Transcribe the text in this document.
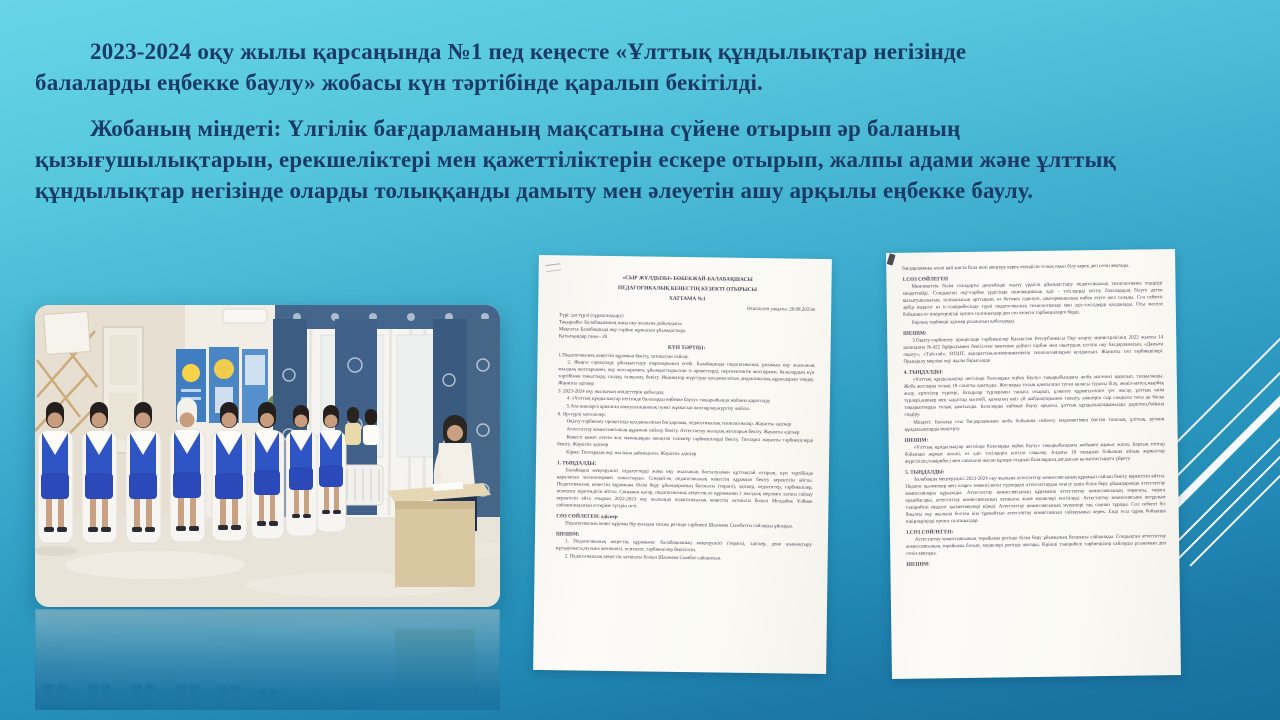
2023-2024 оқу жылы қарсаңында №1 пед кеңесте «Ұлттық құндылықтар негізінде балаларды еңбекке баулу» жобасы күн тәртібінде қаралып бекітілді.

Жобаның міндеті: Үлгілік бағдарламаның мақсатына сүйене отырып әр баланың қызығушылықтарын, ерекшеліктері мен қажеттіліктерін ескере отырып, жалпы адами және ұлттық құндылықтар негізінде оларды толыққанды дамыту мен әлеуетін ашу арқылы еңбекке баулу.

«СЫР ЖҰЛДЫЗЫ» БӨБЕКЖАЙ-БАЛАБАҚШАСЫ
ПЕДАГОГИКАЛЫҚ КЕҢЕСТІҢ КЕЗЕКТІ ОТЫРЫСЫ
ХАТТАМА №1
Өткізілген уақыты: 29.08.2023ж
Түрі: дәстүрлі (тұрақтандыру)
Тақырыбы: Балабақшаның жаңа оқу жылына дайындығы.
Мақсаты: Балабақшада оқу-тәрбие жұмысын ұйымдастыру.
Қатысқандар саны– 20
КҮН ТӘРТІБІ:
1.Педагогикалық кеңестін құрамын бекіту, хатшысын сайлау.
2. Жаңғы сауықтыру ұйымдастыру шараларының есебі. Балабақшада педагогикалық ұжымын оқу жылының жылдық жоспарымен, оқу жоспарымен, ұйымдастырылған іс-әрекеттерді, перспективтік жоспармен, балалардың күн тәртібімен таныстыру, талдау, талқылау, бекіту. Индикатор жүргізуде қолданылатын дидактикалық құралдарын таңдау. Жауапты әдіскер
3. 2023-2024 оқу жылының міндеттерін қабылдау.
4. «Ұлттық құндылықтар негізінде балаларды еңбекке баулу» тақырыбында жобаны қарастыру.
5.Ата-аналарға арналған консультациялық пункт жұмысын жоспарлау,жүргізу жайлы.
6. Әр-түрлі мәселелер:
Оқыту-тәрбиелеу процесінде қолданылатын бағдарлама, педагогикалық технологиялар. Жауапты әдіскер
Аттестаттау комиссиясының құрамын сайлау, бекіту. Аттестаттау жылдық жоспарын бекіту. Жауапты әдіскер
Кеңесті қажет ететін жас мамандарды анықтап тәлімгер тәрбиешілерді бекіту. Топтарға жауапты тәрбиешілерді бекіту. Жауапты әдіскер
Кірме. Топтардың оқу жылына дайындығы. Жауапты әдіскер
1. ТЫҢДАЛДЫ:
Балабақша меңгерушісі педагогтерді жаңа оқу жылының басталуымен құттықтай отырып, күн тәртібінде қаралатын мәселелермен таныстырды. Сондай-ақ педагогикалық кеңестің құрамын бекіту керектігін айтты. Педагогикалық кеңестің құрамына білім беру ұйымдарының басшысы (төраға), әдіскер, педагогтер, тәрбиешілер, психолог кіретіндігін айтты. Сонымен қатар, педагогикалық кеңестің өз құрамынан 1 жылдық мерзімге хатшы сайлау керектігін айта отырып 2022-2023 оқу жылында педагогикалық кеңестің хатшысы болып Молдабек Ұлбике сайланғандығын естеріне түсіріп өтті.
СӨЗ СӨЙЛЕГЕН: әдіскер
Педагогикалық кеңес құрамы бір ауыздан хатшы ретінде тәрбиеші Шалжева Сымбатты сайлауды ұйғарды.
ШЕШІМ:
1. Педагогикалық кеңестің құрамына: балабақшаның меңгерушісі (төраға), әдіскер, дене шынықтыру нұсқаушысы,музыка жетекшісі, психолог, тәрбиешілер бекітілсін.
2. Педагогикалық кеңестің хатшысы болып Шалжева Сымбат сайлансын.
бағдарламаны алып қай жаста бала нені меңгеру керек екендігін толық оқып білу керек деп сөзін аяқтады.
1.СӨЗ СӨЙЛЕГЕН
Мемлекеттік білім стандарты деңгейінде оқыту үрдісін ұйымдастыру педагогикалық технологияны ендіруді міндеттейді. Сондықтан оқу-тәрбие үрдісінде инновациялық әдіс - тәсілдерді енгізу балалардың білуге деген қызығушылығын, талпынысын арттырып, өз бетімен ізденуге, шығармашылық еңбек етуге жол салады. Сол себепті әрбір педагог өз іс-тәжірибесінде түрлі педагогикалық технологиялар мен әдіс-тәсілдерді қолданады. Осы мәселе бойынша өз пікірлеріңізді ортаға салсаңыздар деп сөз кезегін тәрбиешілерге берді.
Барлық тәрбиеші әдіскер ұсынысын қабылдады.
ШЕШІМ:
3.Оқыту-тәрбиелеу процесінде тәрбиешілер Қазақстан Республикасы Оқу ағарту министрлігінің 2022 жылғы 14 қазандағы №422 бұйрығымен бекітілген мектепке дейінгі тәрбие мен оқытудың үлгілік оқу бағдарламасын, «Дамыта оқыту», «Тәй-тәй», ӨТШТ, ақпараттық-коммуникативтік технологияларын қолдансын. Жауапты топ тәрбиешілері. Орындалу мерзімі оқу жылы барысында
4. ТЫҢДАЛДЫ:
«Ұлттық құндылықтар негізінде балаларды еңбек баулу» тақырыбындағы жоба мәселесі қаралып, талқыланды. Жоба жоспары толық 18 сағатты қамтыды. Жоспарда толық қамтылған туған қаласы туралы білу, жеңіл-мәтел,жырбақ жазу, ертегілер түрлері, батырлар түрлерімен таныса отырып, ұлжозге құрмет,өзініге үет жасау, ұлттық киім түрлері,әшекер мен ыдыстар мәнтебі, қазақтың киіз үй жабдықтарымен танысу, әжелерін сыр сандығы тағы да басқа тақырыптарды толық қамтылды. Балаларды еңбекке баулу арқылы, ұлттық құндылықтарымызды дәріптеп,бойына сіңдіру.
Міндеті: Балалар осы бағдарламамен жоба бойынша сөйлесу мәдениетімен бастап тазалық, ұлттық, рухани құндылықтарды меңгерту.
ШЕШІМ:
«Ұлттық құндылықтар негізінде балаларды еңбек баулу» тақырыбындағы жобамен жұмыс жасау. Барлық топтар бойынша жұмыс жасап, өз әдіс тәсілдерін енгізін сақылау. Алдағы 18 тақырып бойынша айлық жұмыстар жүргізіліп,тәжірибесі мен сапасына нысап құзыре отырып балалардың дағдысын қалыптастыруға үйрету.
5. ТЫҢДАЛДЫ:
Балабақша меңгерушісі 2023-2024 оқу жылына аттестаттау комиссиясының құрамын сайлап бекіту керектігін айтты. Педагог қызметкер мен оларға төменгілеген түрлерден аттестаттаудан өткізу үшін білім беру ұйымдарында аттестаттау комиссиялары құрылады. Аттестаттау комиссиясының құрамына аттестаттау комиссиясының төрағасы, төраға орынбасары, аттестаттау комиссиясының хатшысы және мүшелері енгізіледі. Аттестаттау комиссиясына негұрлым тәжірибелі педагог қызметкерлері кіреді. Аттестаттау комиссиясының мүшелері тақ саннан тұрады. Сол себепті біз биылғы оқу жылына бостан кім тұрмайтын аттестаттау комиссиясын сайлауымыз керек. Енді осы сұрақ бойынша пікірлеріңізді ортаға салсаңыздар.
1.СӨЗ СӨЙЛЕГЕН:
Аттестаттау комиссиясының төрайымы ретінде білім беру ұйымының басшысы сайланады. Сондықтан аттестаттау комиссиясының төрайымы болып, мүшелері ретінде жоғары, бірінші тәжірибелі тәрбиешілер сайлауды ұсынамын деп сөзін аяқтады.
ШЕШІМ:
